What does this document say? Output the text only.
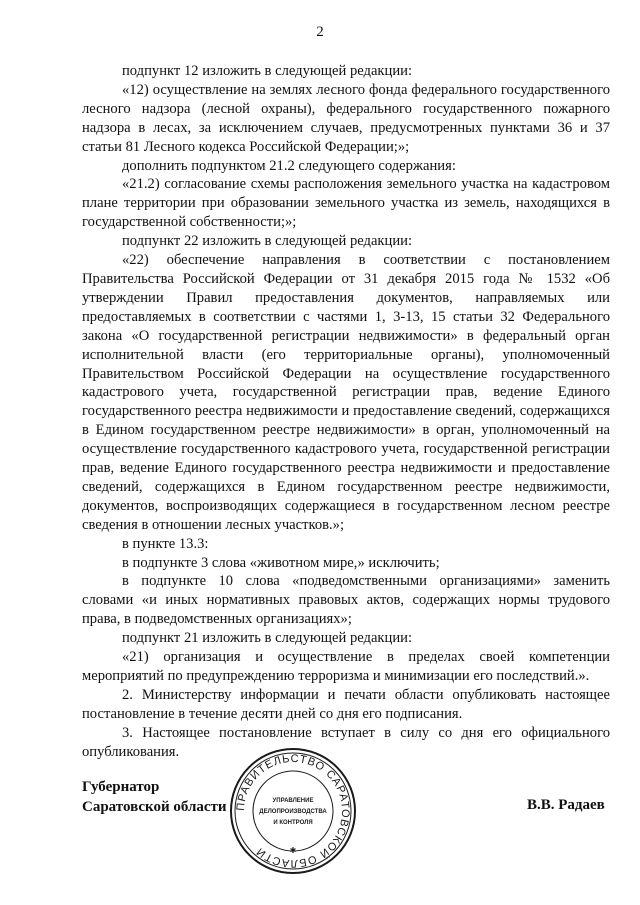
2

подпункт 12 изложить в следующей редакции:

«12) осуществление на землях лесного фонда федерального государственного лесного надзора (лесной охраны), федерального государственного пожарного надзора в лесах, за исключением случаев, предусмотренных пунктами 36 и 37 статьи 81 Лесного кодекса Российской Федерации;»;

дополнить подпунктом 21.2 следующего содержания:

«21.2) согласование схемы расположения земельного участка на кадастровом плане территории при образовании земельного участка из земель, находящихся в государственной собственности;»;

подпункт 22 изложить в следующей редакции:

«22) обеспечение направления в соответствии с постановлением Правительства Российской Федерации от 31 декабря 2015 года № 1532 «Об утверждении Правил предоставления документов, направляемых или предоставляемых в соответствии с частями 1, 3-13, 15 статьи 32 Федерального закона «О государственной регистрации недвижимости» в федеральный орган исполнительной власти (его территориальные органы), уполномоченный Правительством Российской Федерации на осуществление государственного кадастрового учета, государственной регистрации прав, ведение Единого государственного реестра недвижимости и предоставление сведений, содержащихся в Едином государственном реестре недвижимости» в орган, уполномоченный на осуществление государственного кадастрового учета, государственной регистрации прав, ведение Единого государственного реестра недвижимости и предоставление сведений, содержащихся в Едином государственном реестре недвижимости, документов, воспроизводящих содержащиеся в государственном лесном реестре сведения в отношении лесных участков.»;

в пункте 13.3:

в подпункте 3 слова «животном мире,» исключить;

в подпункте 10 слова «подведомственными организациями» заменить словами «и иных нормативных правовых актов, содержащих нормы трудового права, в подведомственных организациях»;

подпункт 21 изложить в следующей редакции:

«21) организация и осуществление в пределах своей компетенции мероприятий по предупреждению терроризма и минимизации его последствий.».

2. Министерству информации и печати области опубликовать настоящее постановление в течение десяти дней со дня его подписания.

3. Настоящее постановление вступает в силу со дня его официального опубликования.

Губернатор
Саратовской области	В.В. Радаев
ПРАВИТЕЛЬСТВО САРАТОВСКОЙ ОБЛАСТИ
УПРАВЛЕНИЕ
ДЕЛОПРОИЗВОДСТВА
И КОНТРОЛЯ
✱
